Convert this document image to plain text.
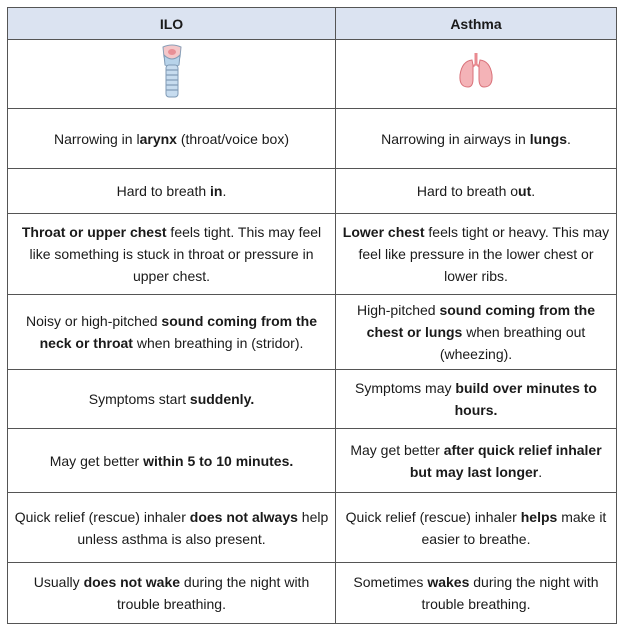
ILO	Asthma

Narrowing in larynx (throat/voice box)	Narrowing in airways in lungs.
Hard to breath in.	Hard to breath out.
Throat or upper chest feels tight. This may feel like something is stuck in throat or pressure in upper chest.	Lower chest feels tight or heavy. This may feel like pressure in the lower chest or lower ribs.
Noisy or high-pitched sound coming from the neck or throat when breathing in (stridor).	High-pitched sound coming from the chest or lungs when breathing out (wheezing).
Symptoms start suddenly.	Symptoms may build over minutes to hours.
May get better within 5 to 10 minutes.	May get better after quick relief inhaler but may last longer.
Quick relief (rescue) inhaler does not always help unless asthma is also present.	Quick relief (rescue) inhaler helps make it easier to breathe.
Usually does not wake during the night with trouble breathing.	Sometimes wakes during the night with trouble breathing.
